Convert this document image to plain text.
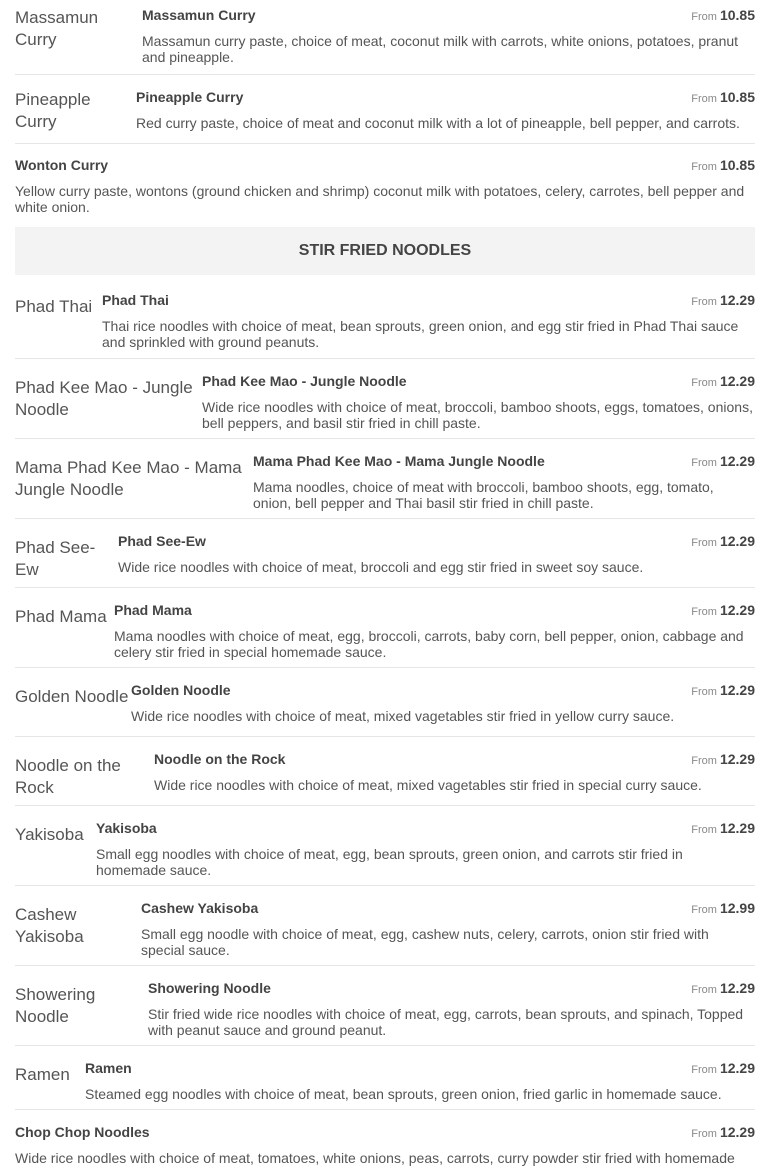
Massamun Curry
Massamun Curry	From 10.85
Massamun curry paste, choice of meat, coconut milk with carrots, white onions, potatoes, pranut and pineapple.
Pineapple Curry
Pineapple Curry	From 10.85
Red curry paste, choice of meat and coconut milk with a lot of pineapple, bell pepper, and carrots.
Wonton Curry	From 10.85
Yellow curry paste, wontons (ground chicken and shrimp) coconut milk with potatoes, celery, carrotes, bell pepper and white onion.
STIR FRIED NOODLES
Phad Thai Phad Thai	From 12.29
Thai rice noodles with choice of meat, bean sprouts, green onion, and egg stir fried in Phad Thai sauce and sprinkled with ground peanuts.
Phad Kee Mao - Jungle Noodle
Phad Kee Mao - Jungle Noodle	From 12.29
Wide rice noodles with choice of meat, broccoli, bamboo shoots, eggs, tomatoes, onions, bell peppers, and basil stir fried in chill paste.
Mama Phad Kee Mao - Mama Jungle Noodle
Mama Phad Kee Mao - Mama Jungle Noodle	From 12.29
Mama noodles, choice of meat with broccoli, bamboo shoots, egg, tomato, onion, bell pepper and Thai basil stir fried in chill paste.
Phad See-Ew
Phad See-Ew	From 12.29
Wide rice noodles with choice of meat, broccoli and egg stir fried in sweet soy sauce.
Phad Mama Phad Mama	From 12.29
Mama noodles with choice of meat, egg, broccoli, carrots, baby corn, bell pepper, onion, cabbage and celery stir fried in special homemade sauce.
Golden Noodle Golden Noodle	From 12.29
Wide rice noodles with choice of meat, mixed vagetables stir fried in yellow curry sauce.
Noodle on the Rock
Noodle on the Rock	From 12.29
Wide rice noodles with choice of meat, mixed vagetables stir fried in special curry sauce.
Yakisoba Yakisoba	From 12.29
Small egg noodles with choice of meat, egg, bean sprouts, green onion, and carrots stir fried in homemade sauce.
Cashew Yakisoba
Cashew Yakisoba	From 12.99
Small egg noodle with choice of meat, egg, cashew nuts, celery, carrots, onion stir fried with special sauce.
Showering Noodle
Showering Noodle	From 12.29
Stir fried wide rice noodles with choice of meat, egg, carrots, bean sprouts, and spinach, Topped with peanut sauce and ground peanut.
Ramen	Ramen	From 12.29
Steamed egg noodles with choice of meat, bean sprouts, green onion, fried garlic in homemade sauce.
Chop Chop Noodles	From 12.29
Wide rice noodles with choice of meat, tomatoes, white onions, peas, carrots, curry powder stir fried with homemade
